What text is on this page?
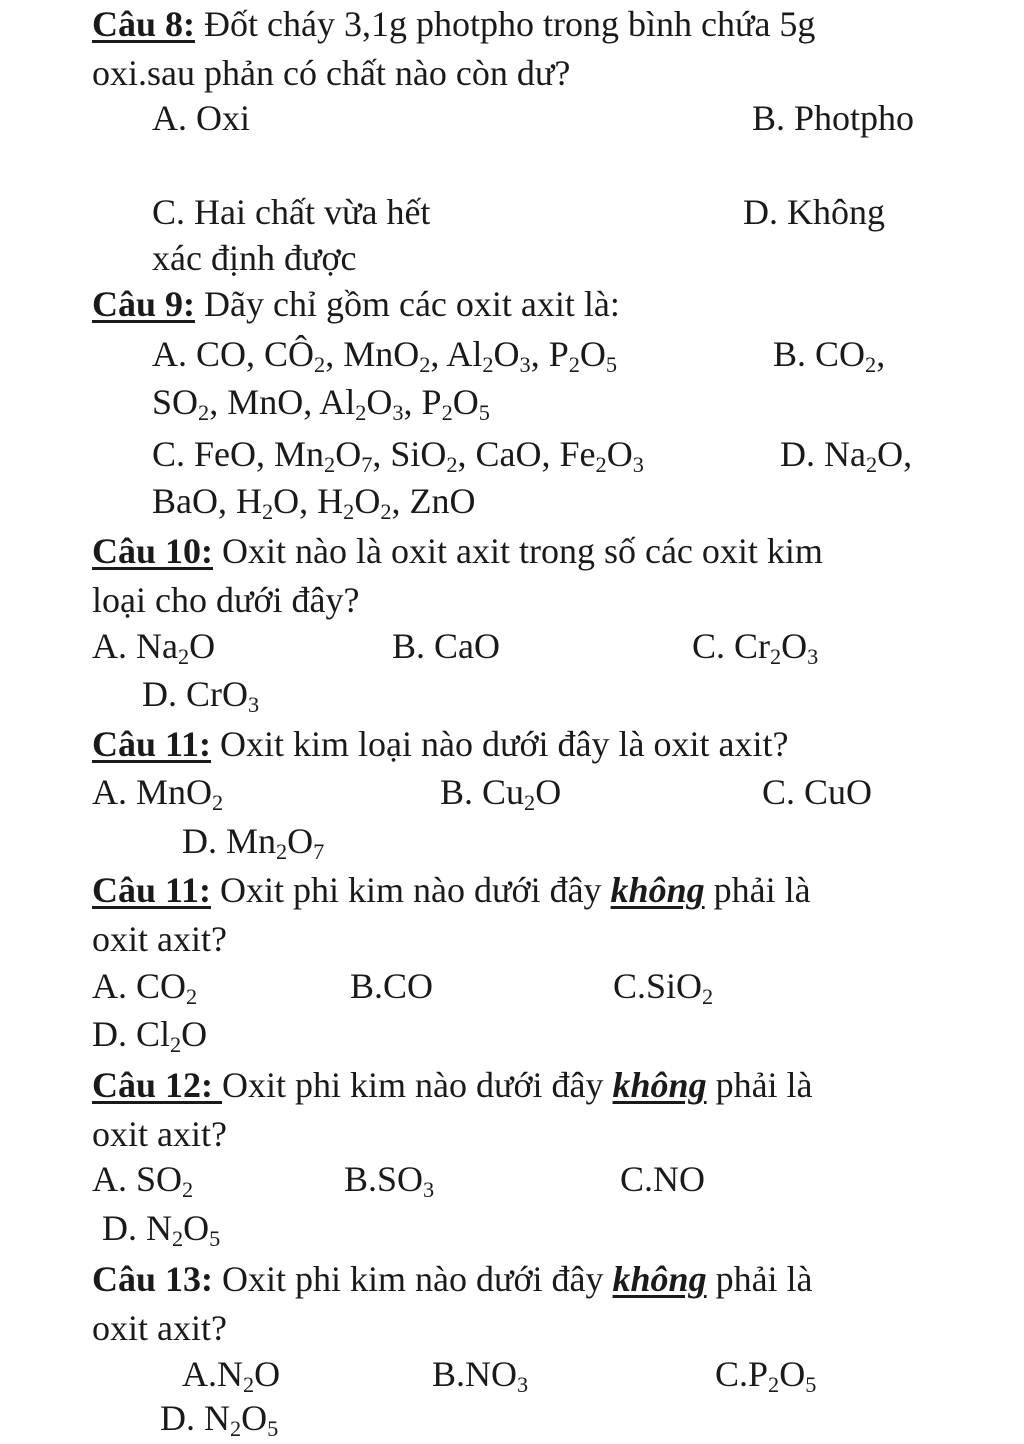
Câu 8: Đốt cháy 3,1g photpho trong bình chứa 5g
oxi.sau phản có chất nào còn dư?
A. Oxi	B. Photpho
C. Hai chất vừa hết	D. Không
xác định được
Câu 9: Dãy chỉ gồm các oxit axit là:
A. CO, $CÔ_2$, MnO$_2$, $Al_2O_3$, $P_2O_5$	B. $CO_2$,
$SO_2$, MnO, $Al_2O_3$, $P_2O_5$
C. FeO, $Mn_2O_7$, SiO$_2$, CaO, $Fe_2O_3$	D. $Na_2O$,
BaO, $H_2O$, $H_2O_2$, ZnO
Câu 10: Oxit nào là oxit axit trong số các oxit kim
loại cho dưới đây?
A. $Na_2O$	B. CaO	C. $Cr_2O_3$
D. CrO$_3$
Câu 11: Oxit kim loại nào dưới đây là oxit axit?
A. MnO$_2$	B. $Cu_2O$	C. CuO
D. $Mn_2O_7$
Câu 11: Oxit phi kim nào dưới đây không phải là
oxit axit?
A. $CO_2$	B.CO	C.SiO$_2$
D. $Cl_2O$
Câu 12: Oxit phi kim nào dưới đây không phải là
oxit axit?
A. $SO_2$	$B.SO_3$	C.NO
D. $N_2O_5$
Câu 13: Oxit phi kim nào dưới đây không phải là
oxit axit?
$A.N_2O$	$B.NO_3$	$C.P_2O_5$
D. $N_2O_5$
